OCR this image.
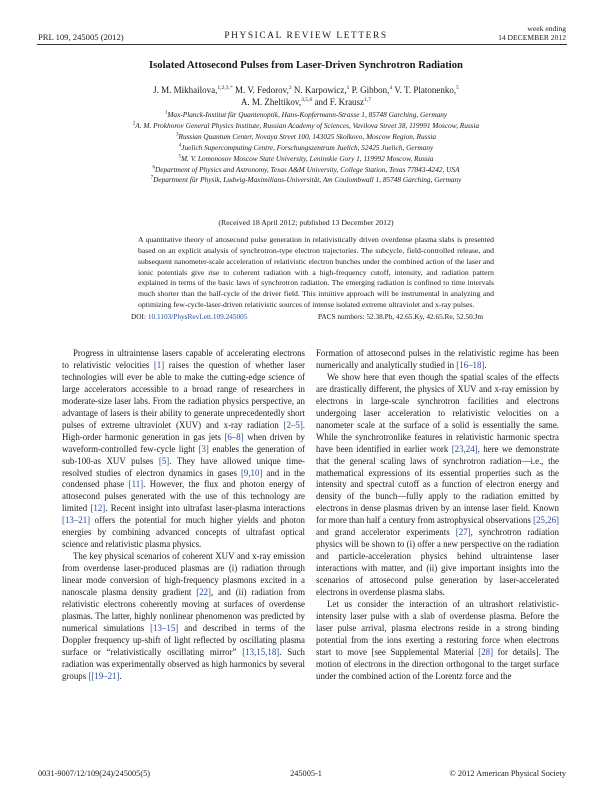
PRL 109, 245005 (2012)	PHYSICAL REVIEW LETTERS
week ending
14 DECEMBER 2012
Isolated Attosecond Pulses from Laser-Driven Synchrotron Radiation
J. M. Mikhailova,$^{1,2,3,*}$ M. V. Fedorov,$^2$ N. Karpowicz,$^1$ P. Gibbon,$^4$ V. T. Platonenko,$^5$
A. M. Zheltikov,$^{3,5,6}$ and F. Krausz$^{1,7}$
$^1$Max-Planck-Institut für Quantenoptik, Hans-Kopfermann-Strasse 1, 85748 Garching, Germany
$^2$A. M. Prokhorov General Physics Institute, Russian Academy of Sciences, Vavilova Street 38, 119991 Moscow, Russia
$^3$Russian Quantum Center, Novaya Street 100, 143025 Skolkovo, Moscow Region, Russia
$^4$Juelich Supercomputing Centre, Forschungszentrum Juelich, 52425 Juelich, Germany
$^5$M. V. Lomonosov Moscow State University, Leninskie Gory 1, 119992 Moscow, Russia
$^6$Department of Physics and Astronomy, Texas A&M University, College Station, Texas 77843-4242, USA
$^7$Department für Physik, Ludwig-Maximilians-Universität, Am Coulombwall 1, 85748 Garching, Germany
(Received 18 April 2012; published 13 December 2012)
A quantitative theory of attosecond pulse generation in relativistically driven overdense plasma slabs is presented based on an explicit analysis of synchrotron-type electron trajectories. The subcycle, field-controlled release, and subsequent nanometer-scale acceleration of relativistic electron bunches under the combined action of the laser and ionic potentials give rise to coherent radiation with a high-frequency cutoff, intensity, and radiation pattern explained in terms of the basic laws of synchrotron radiation. The emerging radiation is confined to time intervals much shorter than the half-cycle of the driver field. This intuitive approach will be instrumental in analyzing and optimizing few-cycle-laser-driven relativistic sources of intense isolated extreme ultraviolet and x-ray pulses.
DOI: 10.1103/PhysRevLett.109.245005	PACS numbers: 52.38.Ph, 42.65.Ky, 42.65.Re, 52.50.Jm

Progress in ultraintense lasers capable of accelerating electrons to relativistic velocities [1] raises the question of whether laser technologies will ever be able to make the cutting-edge science of large accelerators accessible to a broad range of researchers in moderate-size laser labs. From the radiation physics perspective, an advantage of lasers is their ability to generate unprecedentedly short pulses of extreme ultraviolet (XUV) and x-ray radiation [2–5]. High-order harmonic generation in gas jets [6–8] when driven by waveform-controlled few-cycle light [3] enables the generation of sub-100-as XUV pulses [5]. They have allowed unique time-resolved studies of electron dynamics in gases [9,10] and in the condensed phase [11]. However, the flux and photon energy of attosecond pulses generated with the use of this technology are limited [12]. Recent insight into ultrafast laser-plasma interactions [13–21] offers the potential for much higher yields and photon energies by combining advanced concepts of ultrafast optical science and relativistic plasma physics.

The key physical scenarios of coherent XUV and x-ray emission from overdense laser-produced plasmas are (i) radiation through linear mode conversion of high-frequency plasmons excited in a nanoscale plasma density gradient [22], and (ii) radiation from relativistic electrons coherently moving at surfaces of overdense plasmas. The latter, highly nonlinear phenomenon was predicted by numerical simulations [13–15] and described in terms of the Doppler frequency up-shift of light reflected by oscillating plasma surface or “relativistically oscillating mirror” [13,15,18]. Such radiation was experimentally observed as high harmonics by several groups [[19–21].

Formation of attosecond pulses in the relativistic regime has been numerically and analytically studied in [16–18].

We show here that even though the spatial scales of the effects are drastically different, the physics of XUV and x-ray emission by electrons in large-scale synchrotron facilities and electrons undergoing laser acceleration to relativistic velocities on a nanometer scale at the surface of a solid is essentially the same. While the synchrotronlike features in relativistic harmonic spectra have been identified in earlier work [23,24], here we demonstrate that the general scaling laws of synchrotron radiation—i.e., the mathematical expressions of its essential properties such as the intensity and spectral cutoff as a function of electron energy and density of the bunch—fully apply to the radiation emitted by electrons in dense plasmas driven by an intense laser field. Known for more than half a century from astrophysical observations [25,26] and grand accelerator experiments [27], synchrotron radiation physics will be shown to (i) offer a new perspective on the radiation and particle-acceleration physics behind ultraintense laser interactions with matter, and (ii) give important insights into the scenarios of attosecond pulse generation by laser-accelerated electrons in overdense plasma slabs.

Let us consider the interaction of an ultrashort relativistic-intensity laser pulse with a slab of overdense plasma. Before the laser pulse arrival, plasma electrons reside in a strong binding potential from the ions exerting a restoring force when electrons start to move [see Supplemental Material [28] for details]. The motion of electrons in the direction orthogonal to the target surface under the combined action of the Lorentz force and the

0031-9007/12/109(24)/245005(5)	245005-1	© 2012 American Physical Society
